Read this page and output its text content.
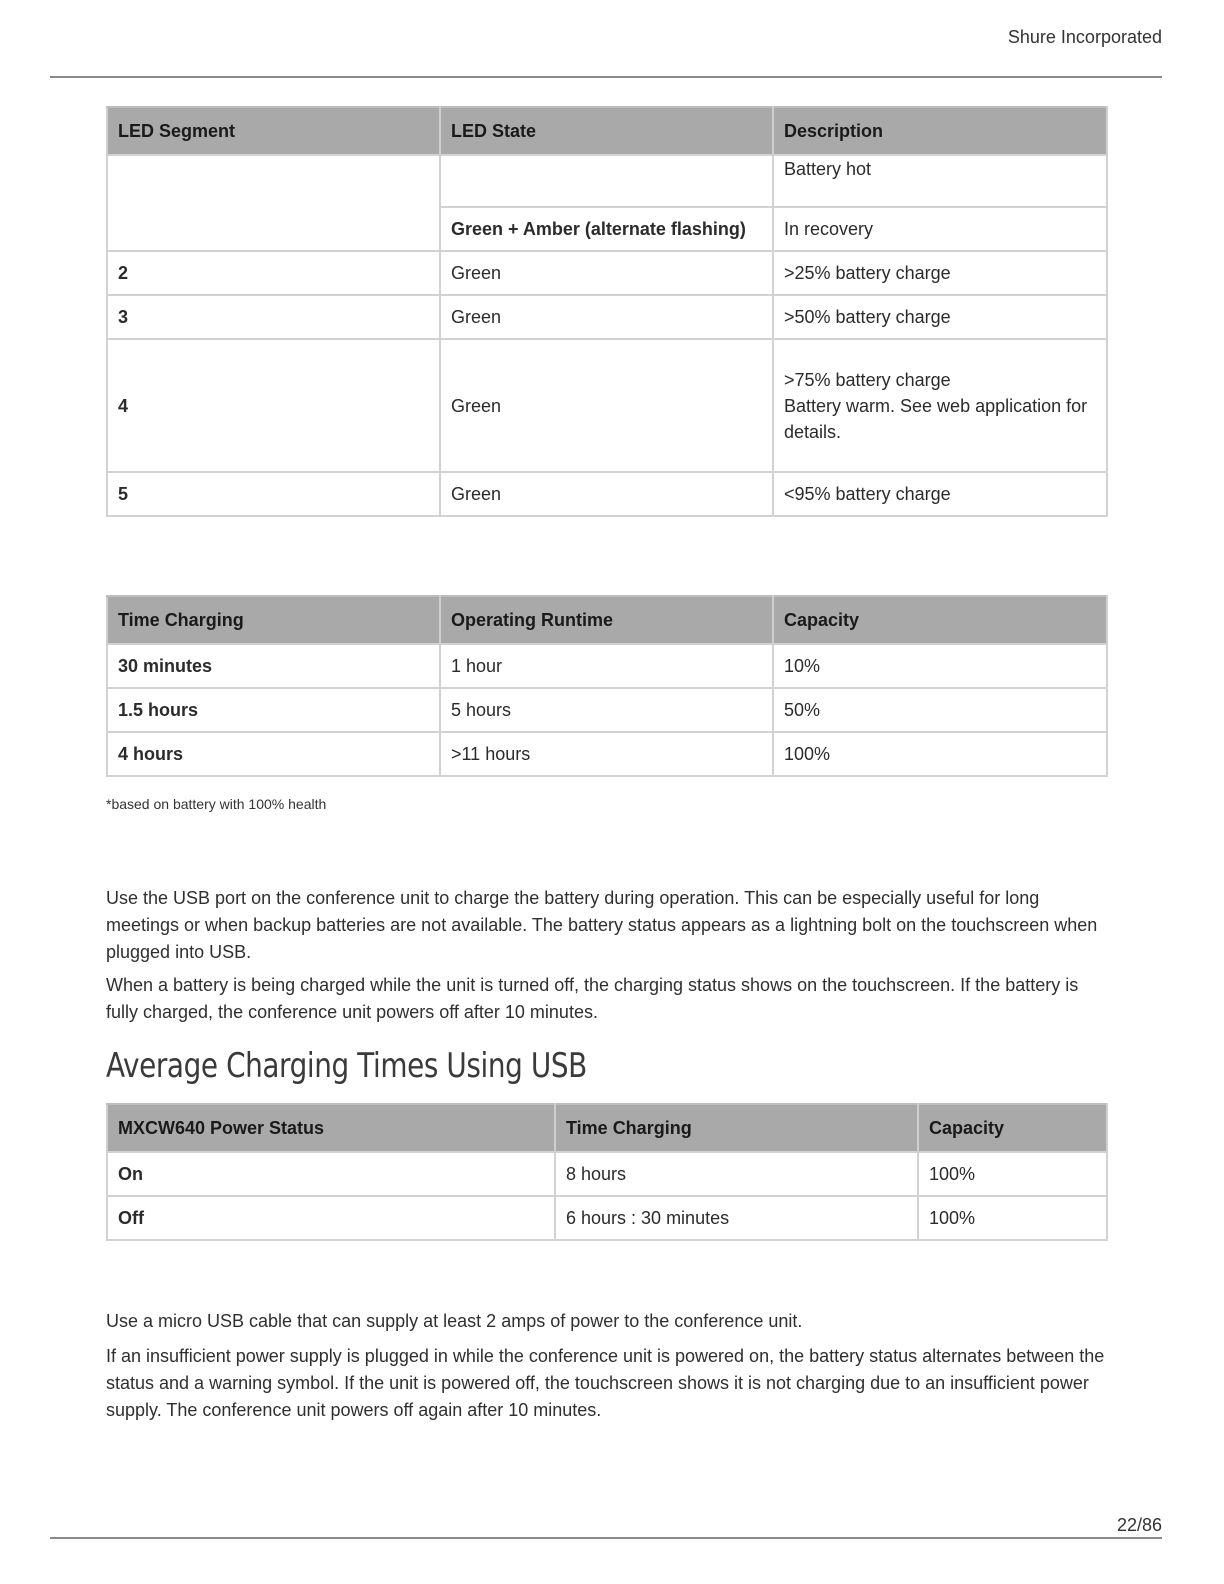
Shure Incorporated
LED Segment	LED State	Description
		Battery hot
	Green + Amber (alternate flashing)	In recovery
2	Green	>25% battery charge
3	Green	>50% battery charge
4	Green	>75% battery charge
Battery warm. See web application for details.

5	Green	<95% battery charge
Time Charging	Operating Runtime	Capacity
30 minutes	1 hour	10%
1.5 hours	5 hours	50%
4 hours	>11 hours	100%
*based on battery with 100% health

Use the USB port on the conference unit to charge the battery during operation. This can be especially useful for long meetings or when backup batteries are not available. The battery status appears as a lightning bolt on the touchscreen when plugged into USB.

When a battery is being charged while the unit is turned off, the charging status shows on the touchscreen. If the battery is fully charged, the conference unit powers off after 10 minutes.

Average Charging Times Using USB
MXCW640 Power Status	Time Charging	Capacity
On	8 hours	100%
Off	6 hours : 30 minutes	100%

Use a micro USB cable that can supply at least 2 amps of power to the conference unit.

If an insufficient power supply is plugged in while the conference unit is powered on, the battery status alternates between the status and a warning symbol. If the unit is powered off, the touchscreen shows it is not charging due to an insufficient power supply. The conference unit powers off again after 10 minutes.

22/86
